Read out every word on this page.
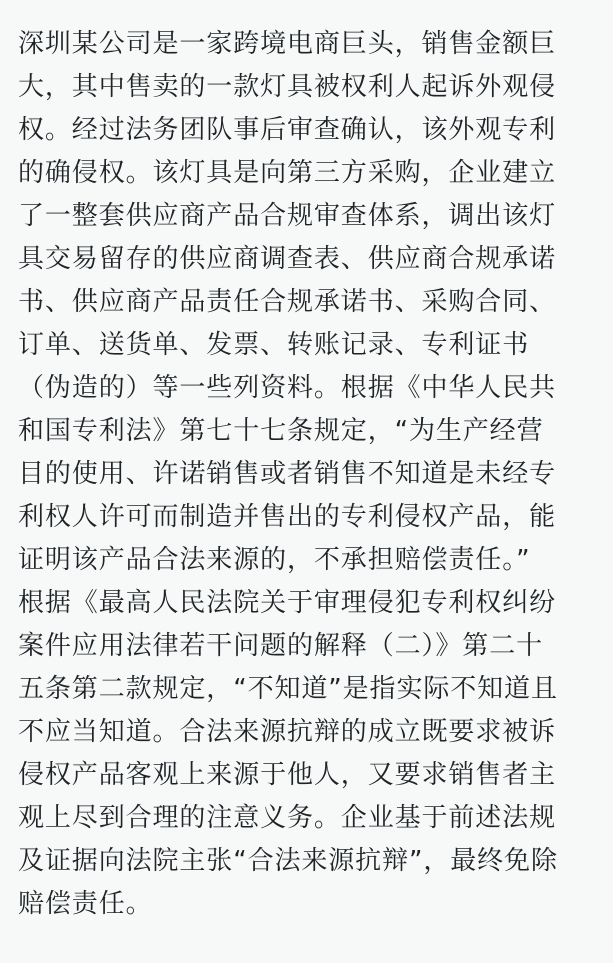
深圳某公司是一家跨境电商巨头，销售金额巨
大，其中售卖的一款灯具被权利人起诉外观侵
权。经过法务团队事后审查确认，该外观专利
的确侵权。该灯具是向第三方采购，企业建立
了一整套供应商产品合规审查体系，调出该灯
具交易留存的供应商调查表、供应商合规承诺
书、供应商产品责任合规承诺书、采购合同、
订单、送货单、发票、转账记录、专利证书
（伪造的）等一些列资料。根据《中华人民共
和国专利法》第七十七条规定，“为生产经营
目的使用、许诺销售或者销售不知道是未经专
利权人许可而制造并售出的专利侵权产品，能
证明该产品合法来源的，不承担赔偿责任。”
根据《最高人民法院关于审理侵犯专利权纠纷
案件应用法律若干问题的解释（二）》第二十
五条第二款规定，“不知道”是指实际不知道且
不应当知道。合法来源抗辩的成立既要求被诉
侵权产品客观上来源于他人，又要求销售者主
观上尽到合理的注意义务。企业基于前述法规
及证据向法院主张“合法来源抗辩”，最终免除
赔偿责任。
